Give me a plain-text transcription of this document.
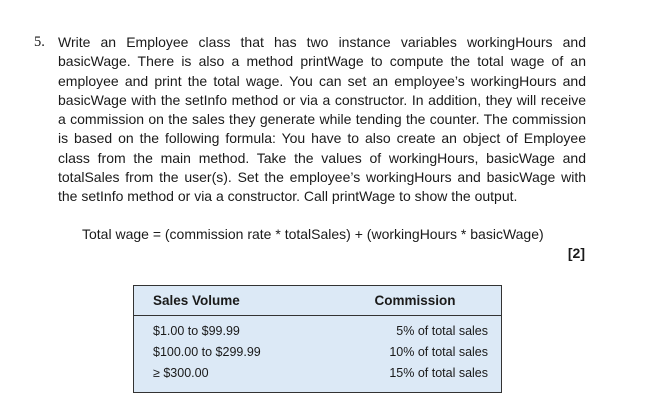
5. Write an Employee class that has two instance variables workingHours and basicWage. There is also a method printWage to compute the total wage of an employee and print the total wage. You can set an employee’s workingHours and basicWage with the setInfo method or via a constructor. In addition, they will receive a commission on the sales they generate while tending the counter. The commission is based on the following formula: You have to also create an object of Employee class from the main method. Take the values of workingHours, basicWage and totalSales from the user(s). Set the employee’s workingHours and basicWage with the setInfo method or via a constructor. Call printWage to show the output.
Total wage = (commission rate * totalSales) + (workingHours * basicWage)
[2]
Sales Volume	Commission
$1.00 to $99.99	5% of total sales
$100.00 to $299.99	10% of total sales
≥ $300.00	15% of total sales
